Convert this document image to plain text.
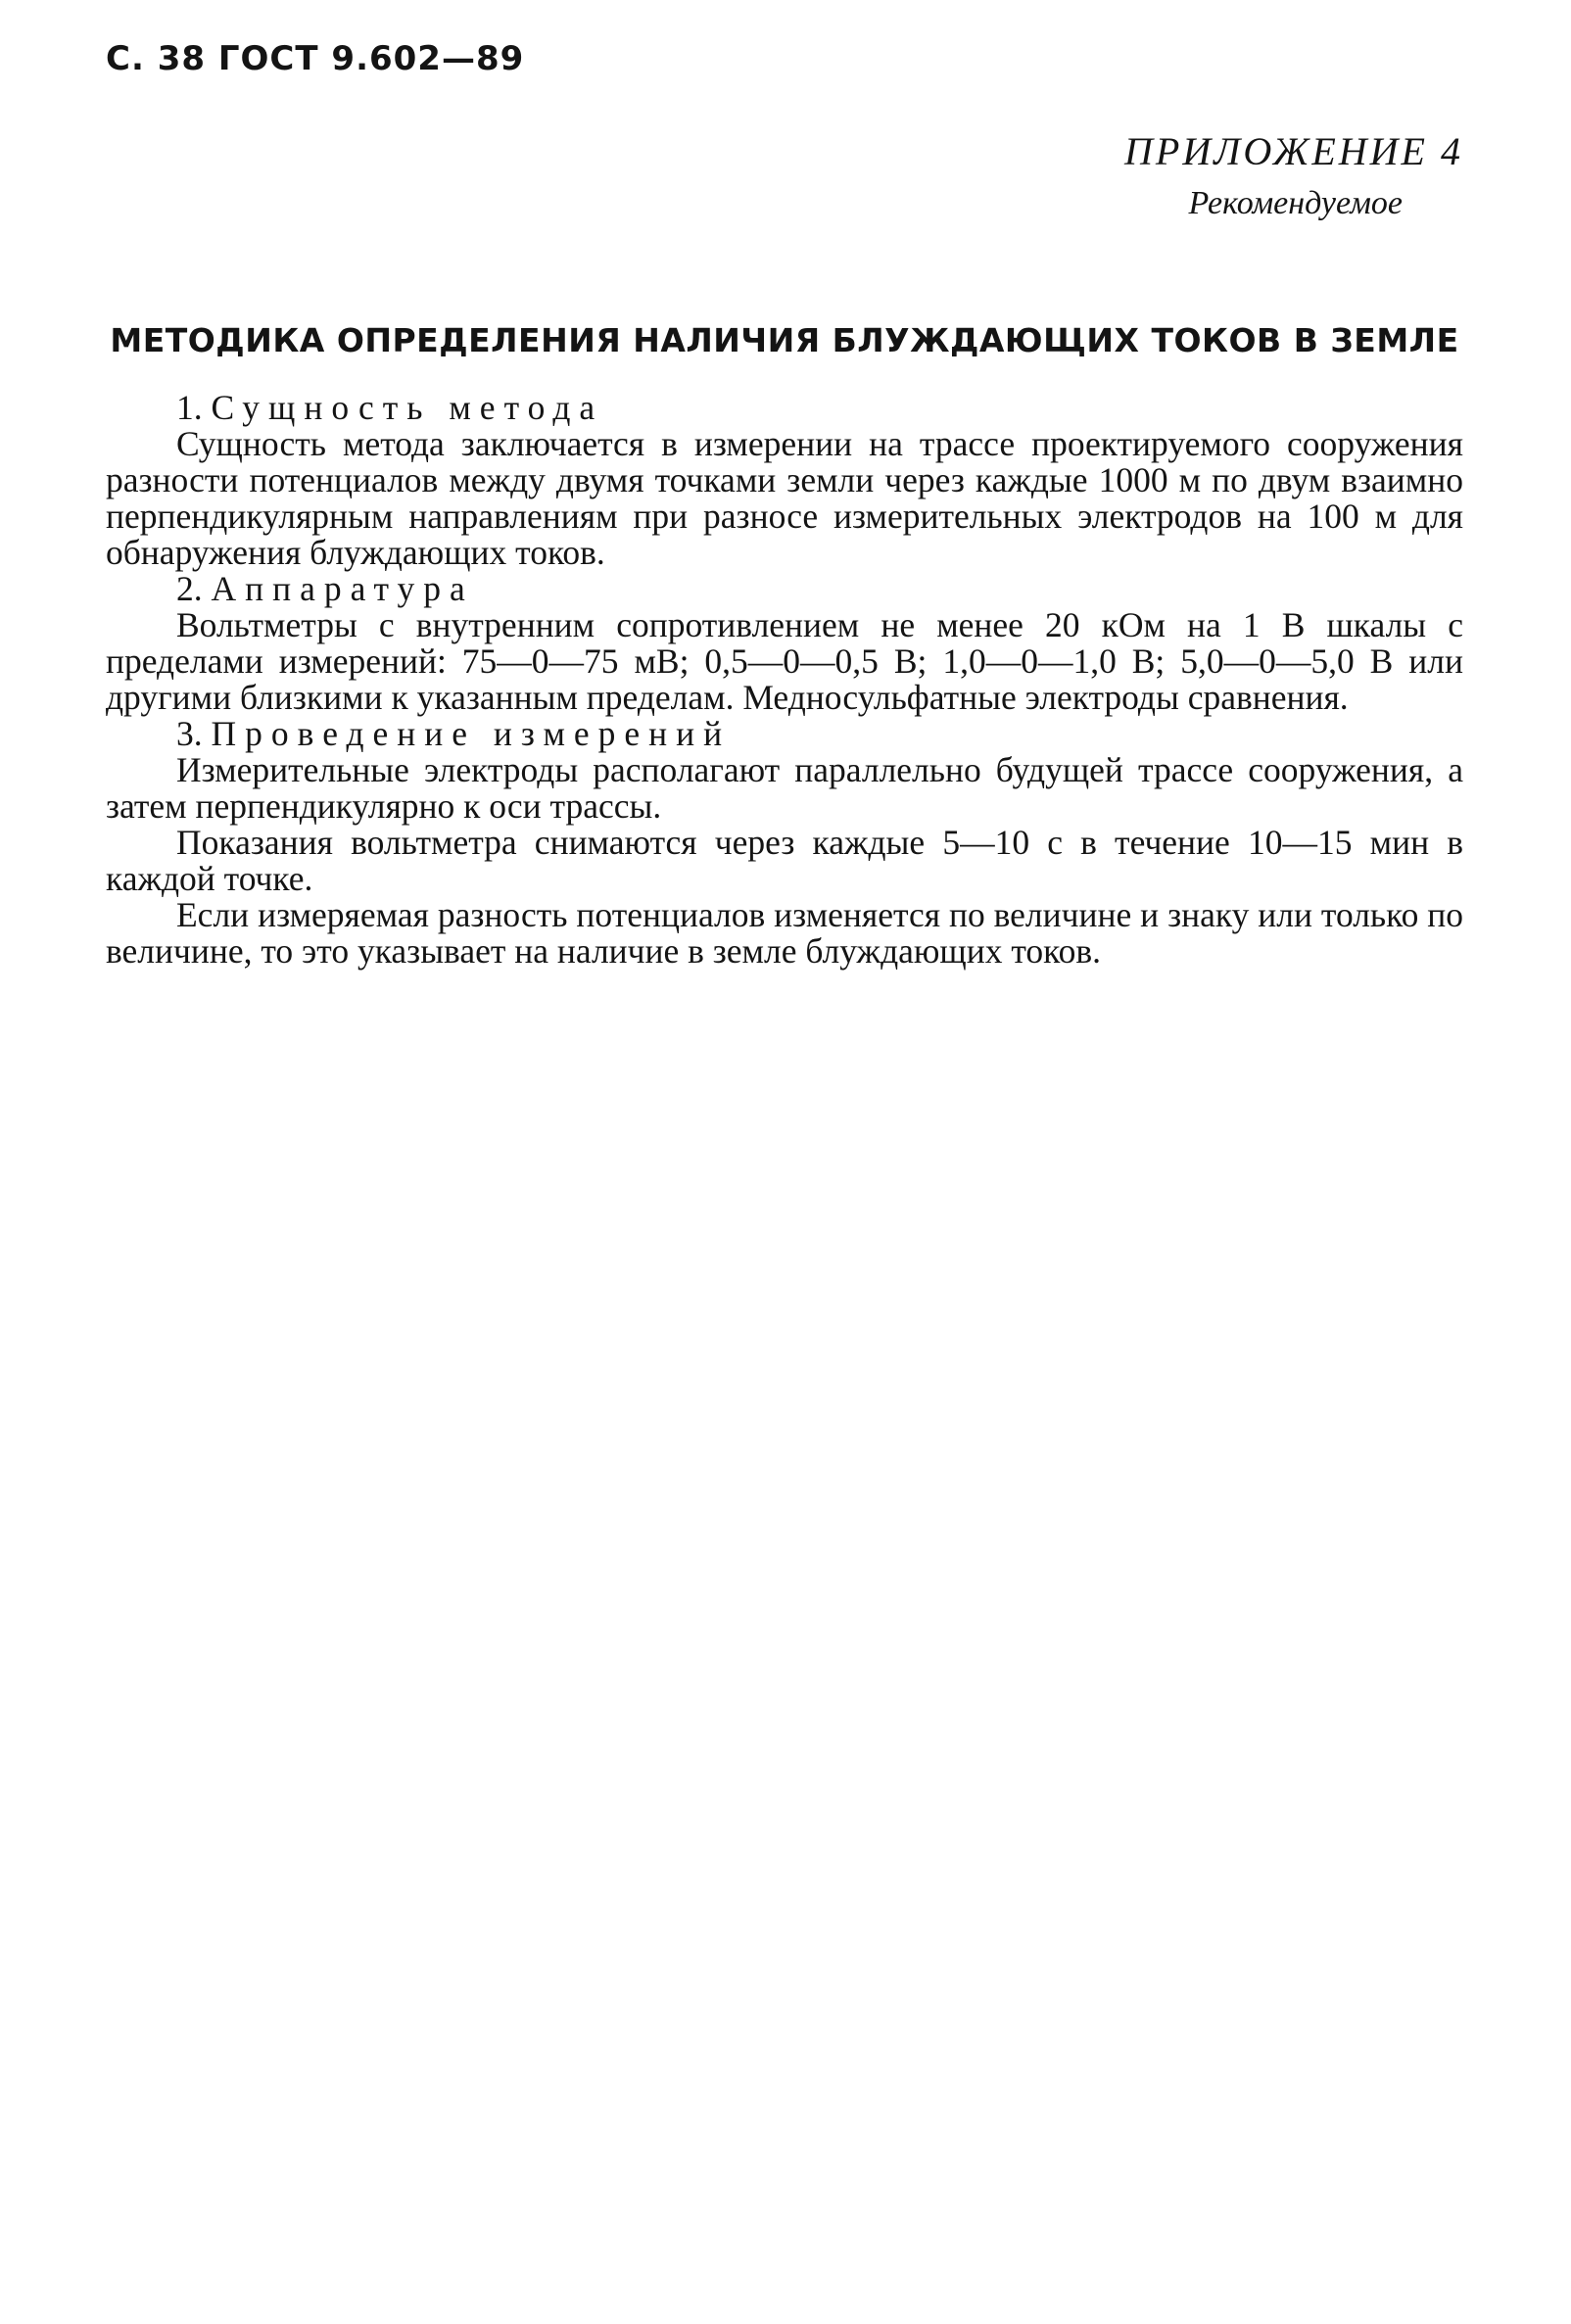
С. 38 ГОСТ 9.602—89
ПРИЛОЖЕНИЕ 4
Рекомендуемое
МЕТОДИКА ОПРЕДЕЛЕНИЯ НАЛИЧИЯ БЛУЖДАЮЩИХ ТОКОВ В ЗЕМЛЕ

1. Сущность метода

Сущность метода заключается в измерении на трассе проектируемого сооружения разности потенциалов между двумя точками земли через каждые 1000 м по двум взаимно перпендикулярным направлениям при разносе измерительных электродов на 100 м для обнаружения блуждающих токов.

2. Аппаратура

Вольтметры с внутренним сопротивлением не менее 20 кОм на 1 В шкалы с пределами измерений: 75—0—75 мВ; 0,5—0—0,5 В; 1,0—0—1,0 В; 5,0—0—5,0 В или другими близкими к указанным пределам. Медносульфатные электроды сравнения.

3. Проведение измерений

Измерительные электроды располагают параллельно будущей трассе сооружения, а затем перпендикулярно к оси трассы.

Показания вольтметра снимаются через каждые 5—10 с в течение 10—15 мин в каждой точке.

Если измеряемая разность потенциалов изменяется по величине и знаку или только по величине, то это указывает на наличие в земле блуждающих токов.
